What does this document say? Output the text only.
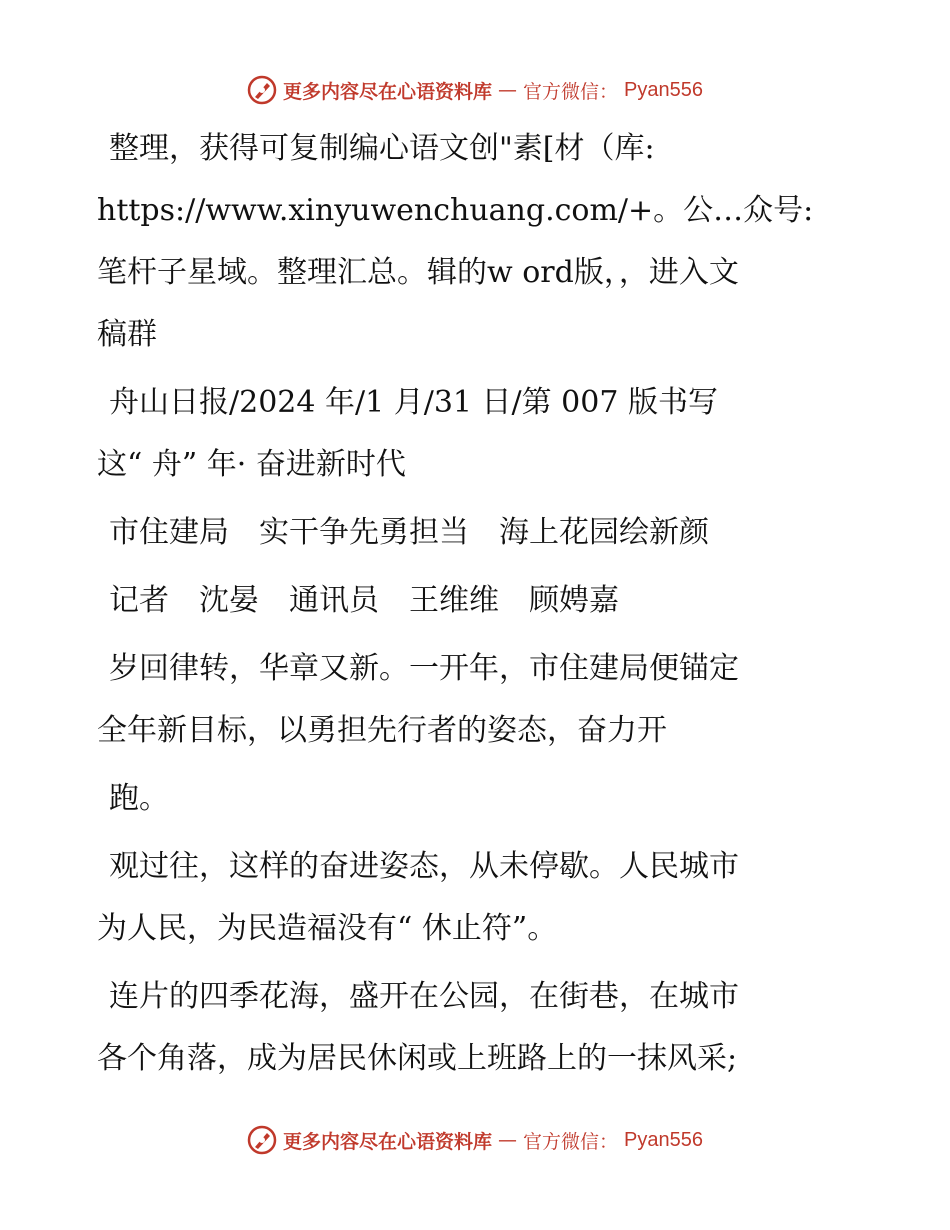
更多内容尽在心语资料库 — 官方微信： Pyan556
整理，获得可复制编心语文创"素[材（库:
https://www.xinyuwenchuang.com/+。公…众号:
笔杆子星域。整理汇总。辑的w ord版，，进入文
稿群
舟山日报/2024 年/1 月/31 日/第 007 版书写
这“ 舟” 年· 奋进新时代
市住建局　实干争先勇担当　海上花园绘新颜
记者　沈晏　通讯员　王维维　顾娉嘉
岁回律转，华章又新。一开年，市住建局便锚定
全年新目标，以勇担先行者的姿态，奋力开
跑。
观过往，这样的奋进姿态，从未停歇。人民城市
为人民，为民造福没有“ 休止符”。
连片的四季花海，盛开在公园，在街巷，在城市
各个角落，成为居民休闲或上班路上的一抹风采;
更多内容尽在心语资料库 — 官方微信： Pyan556
